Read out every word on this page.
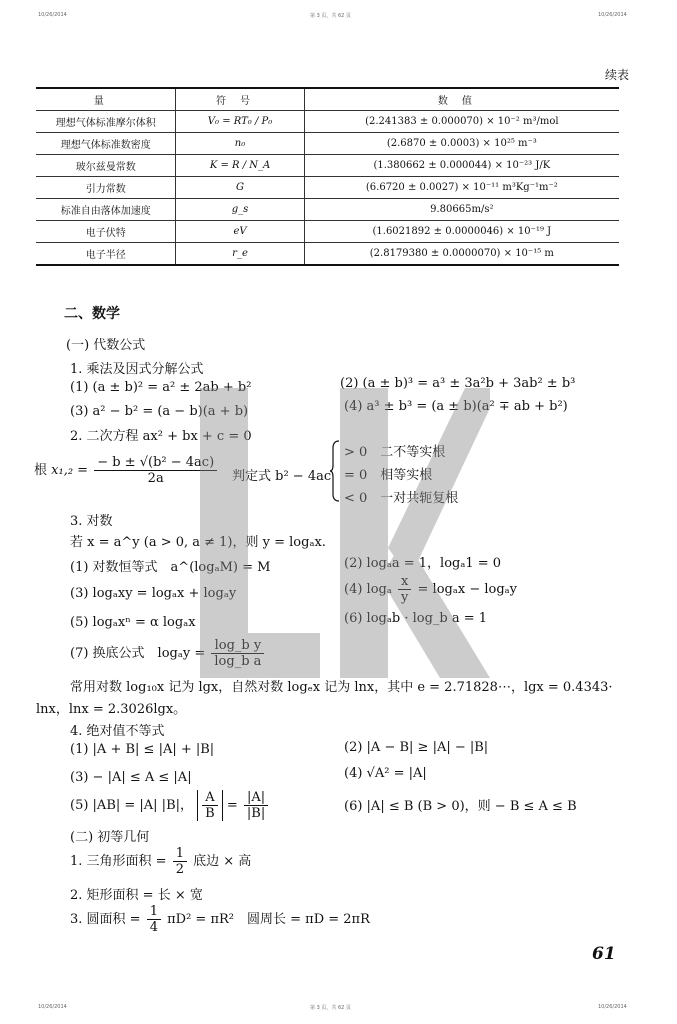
10/26/2014	第 3 页，共 62 页	10/26/2014
10/26/2014	第 3 页，共 62 页	10/26/2014
续表
量	符号	数值
理想气体标准摩尔体积	V₀ = RT₀ / P₀	(2.241383 ± 0.000070) × 10⁻² m³/mol
理想气体标准数密度	n₀	(2.6870 ± 0.0003) × 10²⁵ m⁻³
玻尔兹曼常数	K = R / N_A	(1.380662 ± 0.000044) × 10⁻²³ J/K
引力常数	G	(6.6720 ± 0.0027) × 10⁻¹¹ m³Kg⁻¹m⁻²
标准自由落体加速度	g_s	9.80665m/s²
电子伏特	eV	(1.6021892 ± 0.0000046) × 10⁻¹⁹ J
电子半径	r_e	(2.8179380 ± 0.0000070) × 10⁻¹⁵ m
二、数学
(一) 代数公式
1. 乘法及因式分解公式
(1) (a ± b)² = a² ± 2ab + b²	(2) (a ± b)³ = a³ ± 3a²b + 3ab² ± b³
(3) a² − b² = (a − b)(a + b)	(4) a³ ± b³ = (a ± b)(a² ∓ ab + b²)
2. 二次方程 ax² + bx + c = 0
根 $x_1,_2 = \frac{\text{− b ± √(b² − 4ac)}}{2a}$ 判定式 b² − 4ac
> 0　二不等实根
= 0　相等实根
< 0　一对共轭复根
3. 对数
若 x = a^y (a > 0, a ≠ 1)，则 y = logₐx.
(1) 对数恒等式　a^(logₐM) = M	(2) logₐa = 1，logₐ1 = 0
(3) logₐxy = logₐx + logₐy	(4) logₐ $\frac{x}{y} = \log_ax - \log_ay$
(5) logₐxⁿ = α logₐx	(6) logₐb · log_b a = 1
(7) 换底公式　$\log_ay = \frac{\text{log\_b y}}{\text{log\_b a}}$
常用对数 log₁₀x 记为 lgx，自然对数 logₑx 记为 lnx，其中 e = 2.71828⋯，lgx = 0.4343·
lnx，lnx = 2.3026lgx。
4. 绝对值不等式
(1) |A + B| ≤ |A| + |B|	(2) |A − B| ≥ |A| − |B|
(3) − |A| ≤ A ≤ |A|	(4) √A² = |A|
(5) |AB| = |A| |B|， $\frac{A}{B} = \frac{|A|}{|B|}$	(6) |A| ≤ B (B > 0)，则 − B ≤ A ≤ B
(二) 初等几何
1. 三角形面积 = $\frac{1}{2}$ 底边 × 高
2. 矩形面积 = 长 × 宽
3. 圆面积 = $\frac{1}{4} \pi D^2 = \pi R^2$　圆周长 = πD = 2πR
61
